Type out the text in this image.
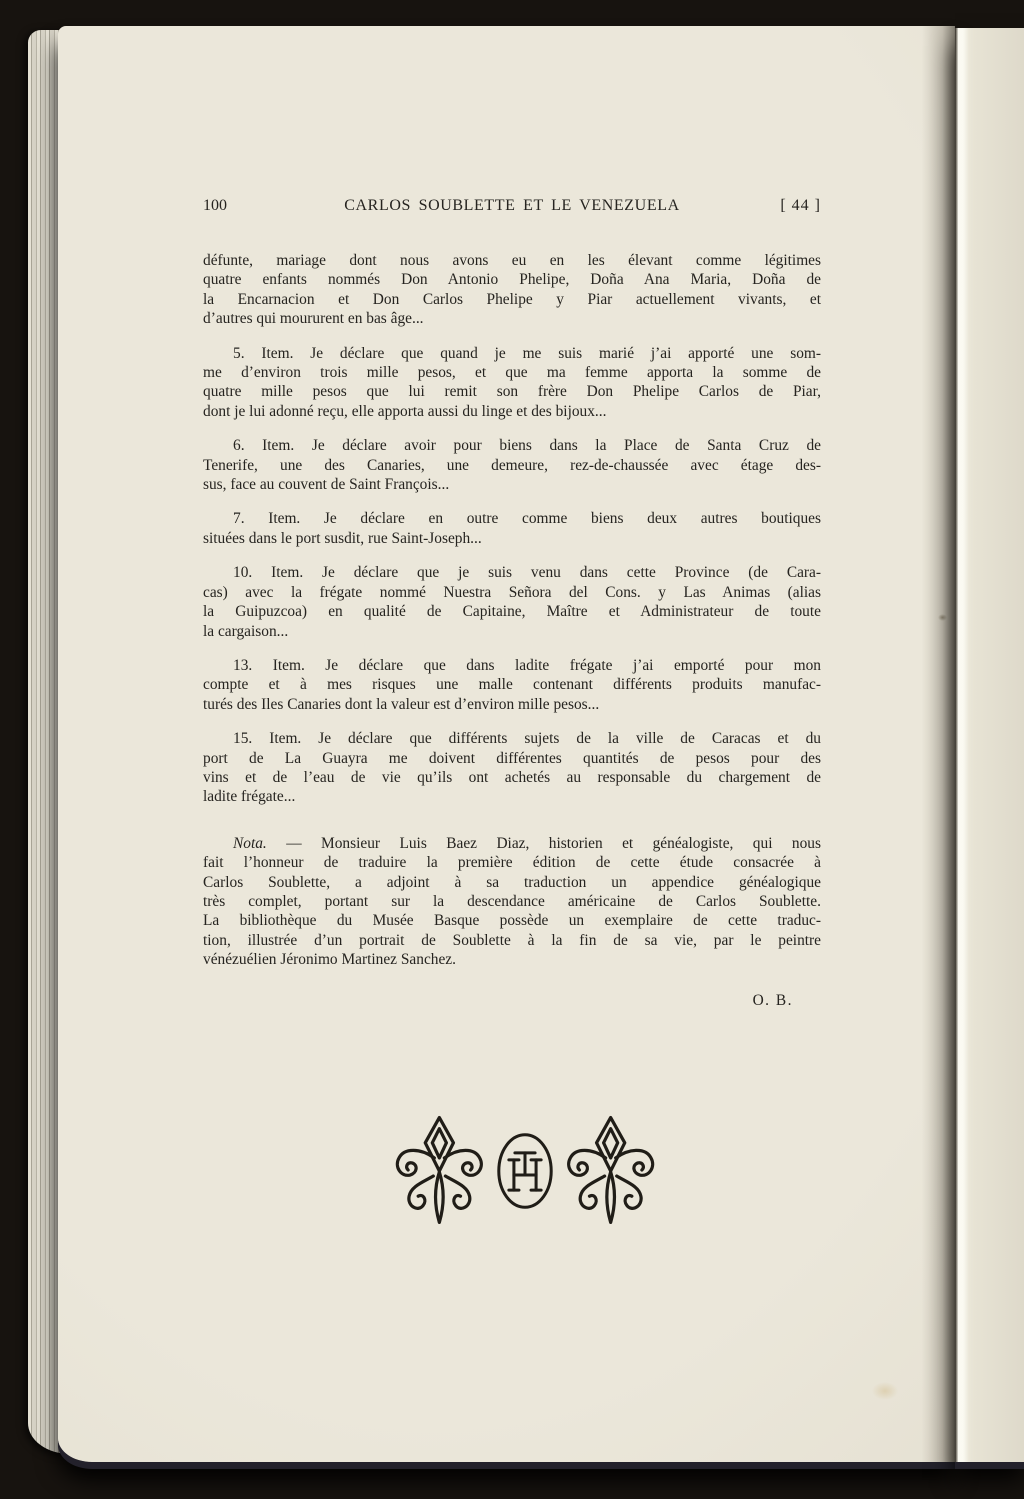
100	CARLOS SOUBLETTE ET LE VENEZUELA	[ 44 ]

défunte, mariage dont nous avons eu en les élevant comme légitimes

quatre enfants nommés Don Antonio Phelipe, Doña Ana Maria, Doña de

la Encarnacion et Don Carlos Phelipe y Piar actuellement vivants, et

d’autres qui moururent en bas âge...

5. Item. Je déclare que quand je me suis marié j’ai apporté une som-

me d’environ trois mille pesos, et que ma femme apporta la somme de

quatre mille pesos que lui remit son frère Don Phelipe Carlos de Piar,

dont je lui adonné reçu, elle apporta aussi du linge et des bijoux...

6. Item. Je déclare avoir pour biens dans la Place de Santa Cruz de

Tenerife, une des Canaries, une demeure, rez-de-chaussée avec étage des-

sus, face au couvent de Saint François...

7. Item. Je déclare en outre comme biens deux autres boutiques

situées dans le port susdit, rue Saint-Joseph...

10. Item. Je déclare que je suis venu dans cette Province (de Cara-

cas) avec la frégate nommé Nuestra Señora del Cons. y Las Animas (alias

la Guipuzcoa) en qualité de Capitaine, Maître et Administrateur de toute

la cargaison...

13. Item. Je déclare que dans ladite frégate j’ai emporté pour mon

compte et à mes risques une malle contenant différents produits manufac-

turés des Iles Canaries dont la valeur est d’environ mille pesos...

15. Item. Je déclare que différents sujets de la ville de Caracas et du

port de La Guayra me doivent différentes quantités de pesos pour des

vins et de l’eau de vie qu’ils ont achetés au responsable du chargement de

ladite frégate...

Nota. — Monsieur Luis Baez Diaz, historien et généalogiste, qui nous

fait l’honneur de traduire la première édition de cette étude consacrée à

Carlos Soublette, a adjoint à sa traduction un appendice généalogique

très complet, portant sur la descendance américaine de Carlos Soublette.

La bibliothèque du Musée Basque possède un exemplaire de cette traduc-

tion, illustrée d’un portrait de Soublette à la fin de sa vie, par le peintre

vénézuélien Jéronimo Martinez Sanchez.

O. B.
